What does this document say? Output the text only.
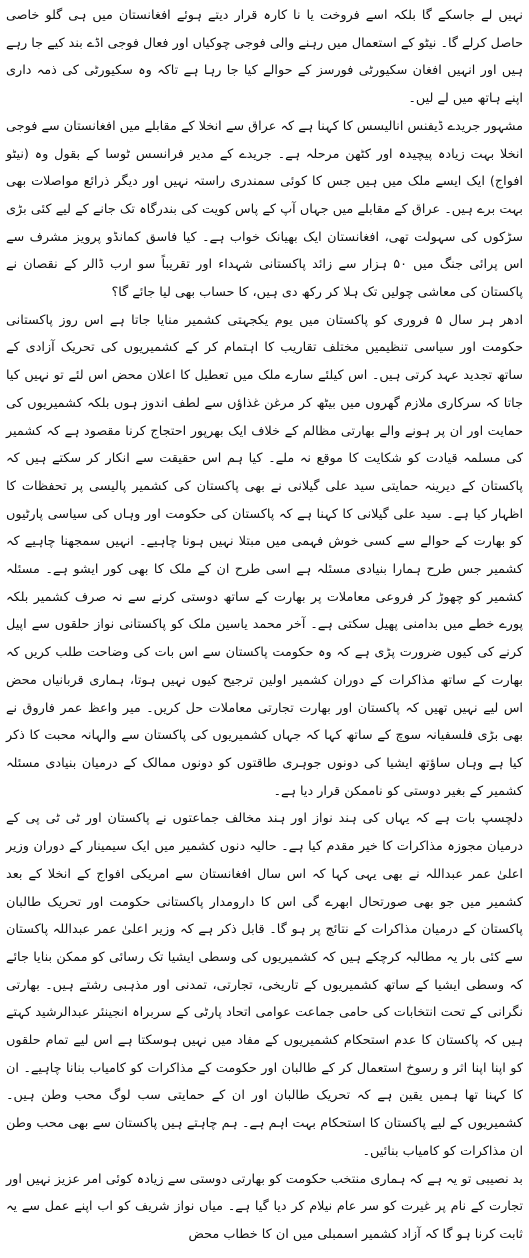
نہیں لے جاسکے گا بلکہ اسے فروخت یا نا کارہ قرار دیتے ہوئے افغانستان میں ہی گلو خاصی حاصل کرلے گا۔ نیٹو کے استعمال میں رہنے والی فوجی چوکیاں اور فعال فوجی اڈے بند کیے جا رہے ہیں اور انہیں افغان سکیورٹی فورسز کے حوالے کیا جا رہا ہے تاکہ وہ سکیورٹی کی ذمہ داری اپنے ہاتھ میں لے لیں۔

مشہور جریدے ڈیفنس انالیسس کا کہنا ہے کہ عراق سے انخلا کے مقابلے میں افغانستان سے فوجی انخلا بہت زیادہ پیچیدہ اور کٹھن مرحلہ ہے۔ جریدے کے مدیر فرانسس ٹوسا کے بقول وہ (نیٹو افواج) ایک ایسے ملک میں ہیں جس کا کوئی سمندری راستہ نہیں اور دیگر ذرائع مواصلات بھی بہت برے ہیں۔ عراق کے مقابلے میں جہاں آپ کے پاس کویت کی بندرگاہ تک جانے کے لیے کئی بڑی سڑکوں کی سہولت تھی، افغانستان ایک بھیانک خواب ہے۔ کیا فاسق کمانڈو پرویز مشرف سے اس پرائی جنگ میں ۵۰ ہزار سے زائد پاکستانی شہداء اور تقریباً سو ارب ڈالر کے نقصان نے پاکستان کی معاشی چولیں تک ہلا کر رکھ دی ہیں، کا حساب بھی لیا جائے گا؟

ادھر ہر سال ۵ فروری کو پاکستان میں یوم یکجہتی کشمیر منایا جاتا ہے اس روز پاکستانی حکومت اور سیاسی تنظیمیں مختلف تقاریب کا اہتمام کر کے کشمیریوں کی تحریک آزادی کے ساتھ تجدید عہد کرتی ہیں۔ اس کیلئے سارے ملک میں تعطیل کا اعلان محض اس لئے تو نہیں کیا جاتا کہ سرکاری ملازم گھروں میں بیٹھ کر مرغن غذاؤں سے لطف اندوز ہوں بلکہ کشمیریوں کی حمایت اور ان پر ہونے والے بھارتی مظالم کے خلاف ایک بھرپور احتجاج کرنا مقصود ہے کہ کشمیر کی مسلمہ قیادت کو شکایت کا موقع نہ ملے۔ کیا ہم اس حقیقت سے انکار کر سکتے ہیں کہ پاکستان کے دیرینہ حمایتی سید علی گیلانی نے بھی پاکستان کی کشمیر پالیسی پر تحفظات کا اظہار کیا ہے۔ سید علی گیلانی کا کہنا ہے کہ پاکستان کی حکومت اور وہاں کی سیاسی پارٹیوں کو بھارت کے حوالے سے کسی خوش فہمی میں مبتلا نہیں ہونا چاہیے۔ انہیں سمجھنا چاہیے کہ کشمیر جس طرح ہمارا بنیادی مسئلہ ہے اسی طرح ان کے ملک کا بھی کور ایشو ہے۔ مسئلہ کشمیر کو چھوڑ کر فروعی معاملات پر بھارت کے ساتھ دوستی کرنے سے نہ صرف کشمیر بلکہ پورے خطے میں بدامنی پھیل سکتی ہے۔ آخر محمد یاسین ملک کو پاکستانی نواز حلقوں سے اپیل کرنے کی کیوں ضرورت پڑی ہے کہ وہ حکومت پاکستان سے اس بات کی وضاحت طلب کریں کہ بھارت کے ساتھ مذاکرات کے دوران کشمیر اولین ترجیح کیوں نہیں ہوتا، ہماری قربانیاں محض اس لیے نہیں تھیں کہ پاکستان اور بھارت تجارتی معاملات حل کریں۔ میر واعظ عمر فاروق نے بھی بڑی فلسفیانہ سوچ کے ساتھ کہا کہ جہاں کشمیریوں کی پاکستان سے والہانہ محبت کا ذکر کیا ہے وہاں ساؤتھ ایشیا کی دونوں جوہری طاقتوں کو دونوں ممالک کے درمیان بنیادی مسئلہ کشمیر کے بغیر دوستی کو ناممکن قرار دیا ہے۔

دلچسپ بات ہے کہ یہاں کی ہند نواز اور ہند مخالف جماعتوں نے پاکستان اور ٹی ٹی پی کے درمیان مجوزہ مذاکرات کا خیر مقدم کیا ہے۔ حالیہ دنوں کشمیر میں ایک سیمینار کے دوران وزیر اعلیٰ عمر عبداللہ نے بھی یہی کہا کہ اس سال افغانستان سے امریکی افواج کے انخلا کے بعد کشمیر میں جو بھی صورتحال ابھرے گی اس کا دارومدار پاکستانی حکومت اور تحریک طالبان پاکستان کے درمیان مذاکرات کے نتائج پر ہو گا۔ قابل ذکر ہے کہ وزیر اعلیٰ عمر عبداللہ پاکستان سے کئی بار یہ مطالبہ کرچکے ہیں کہ کشمیریوں کی وسطی ایشیا تک رسائی کو ممکن بنایا جائے کہ وسطی ایشیا کے ساتھ کشمیریوں کے تاریخی، تجارتی، تمدنی اور مذہبی رشتے ہیں۔ بھارتی نگرانی کے تحت انتخابات کی حامی جماعت عوامی اتحاد پارٹی کے سربراہ انجینئر عبدالرشید کہتے ہیں کہ پاکستان کا عدم استحکام کشمیریوں کے مفاد میں نہیں ہوسکتا ہے اس لیے تمام حلقوں کو اپنا اپنا اثر و رسوخ استعمال کر کے طالبان اور حکومت کے مذاکرات کو کامیاب بنانا چاہیے۔ ان کا کہنا تھا ہمیں یقین ہے کہ تحریک طالبان اور ان کے حمایتی سب لوگ محب وطن ہیں۔ کشمیریوں کے لیے پاکستان کا استحکام بہت اہم ہے۔ ہم چاہتے ہیں پاکستان سے بھی محب وطن ان مذاکرات کو کامیاب بنائیں۔

بد نصیبی تو یہ ہے کہ ہماری منتخب حکومت کو بھارتی دوستی سے زیادہ کوئی امر عزیز نہیں اور تجارت کے نام پر غیرت کو سر عام نیلام کر دیا گیا ہے۔ میاں نواز شریف کو اب اپنے عمل سے یہ ثابت کرنا ہو گا کہ آزاد کشمیر اسمبلی میں ان کا خطاب محض
